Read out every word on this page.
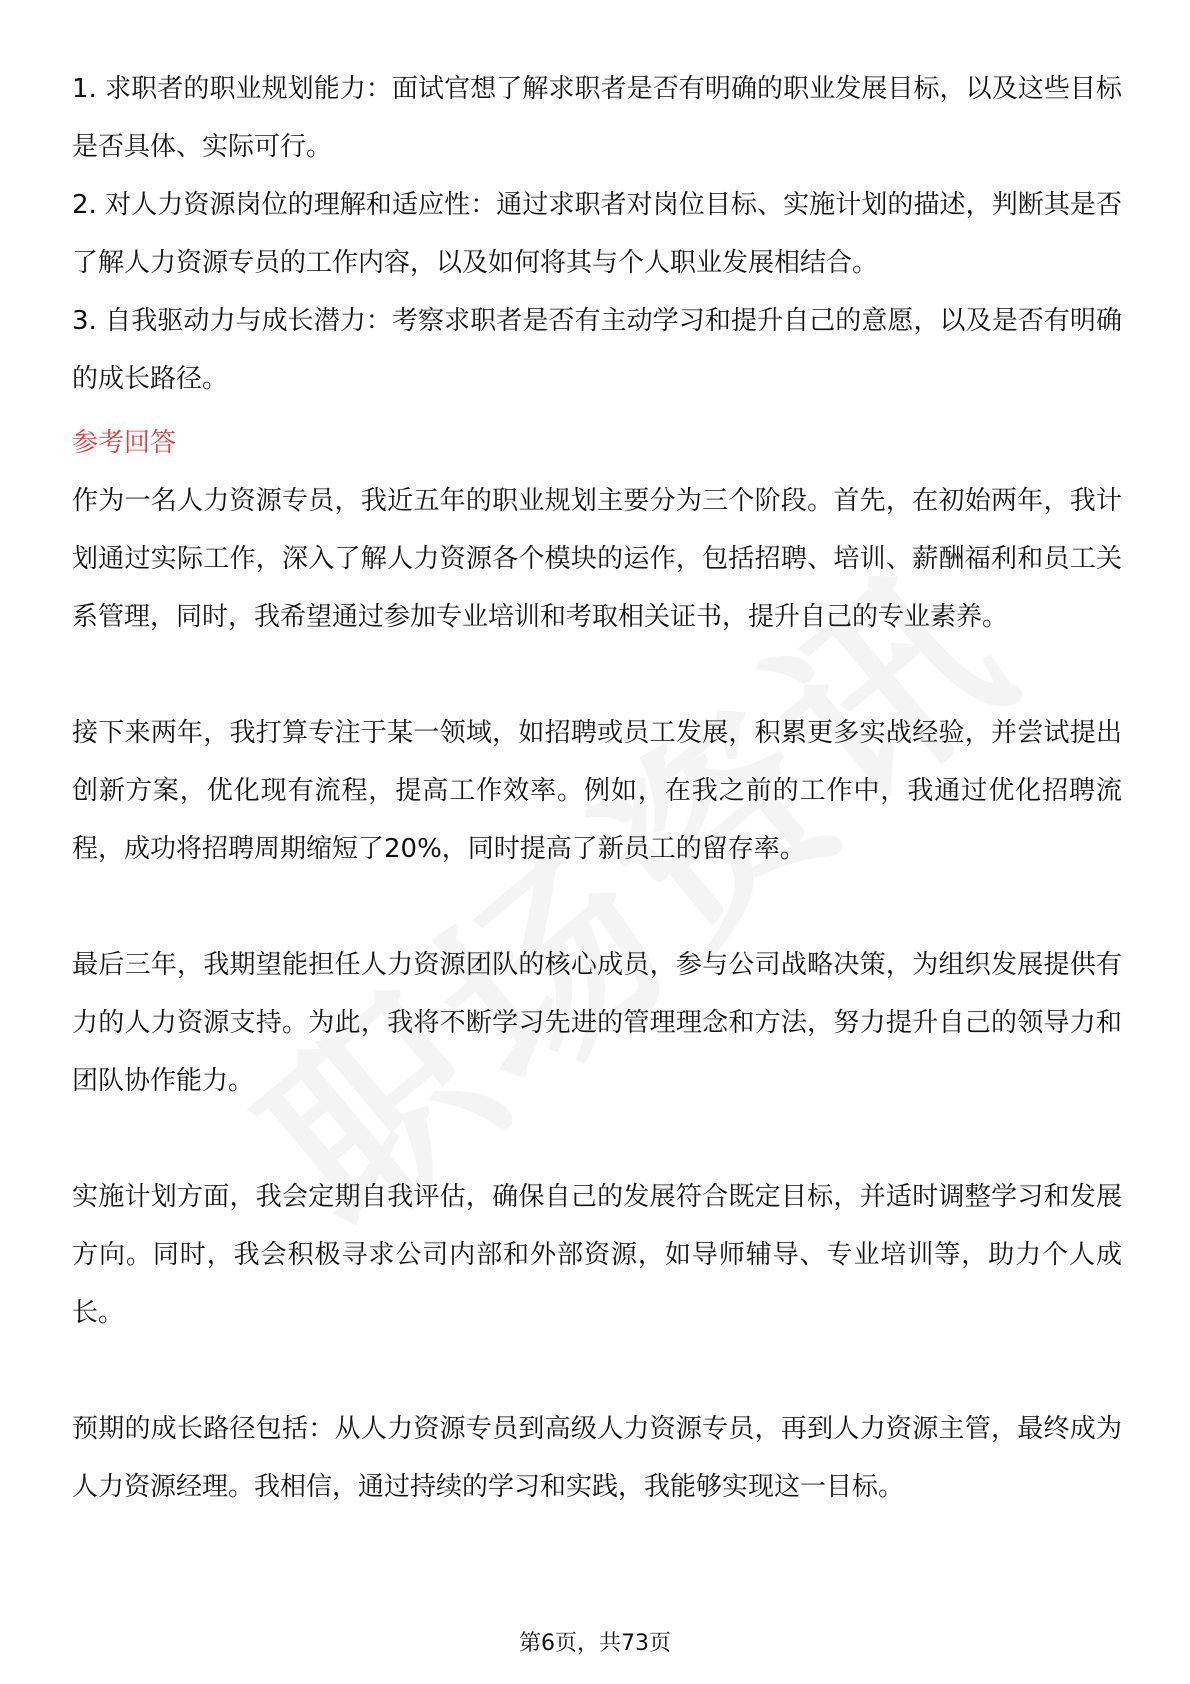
1. 求职者的职业规划能力：面试官想了解求职者是否有明确的职业发展目标，以及这些目标是否具体、实际可行。

2. 对人力资源岗位的理解和适应性：通过求职者对岗位目标、实施计划的描述，判断其是否了解人力资源专员的工作内容，以及如何将其与个人职业发展相结合。

3. 自我驱动力与成长潜力：考察求职者是否有主动学习和提升自己的意愿，以及是否有明确的成长路径。

参考回答

作为一名人力资源专员，我近五年的职业规划主要分为三个阶段。首先，在初始两年，我计划通过实际工作，深入了解人力资源各个模块的运作，包括招聘、培训、薪酬福利和员工关系管理，同时，我希望通过参加专业培训和考取相关证书，提升自己的专业素养。

接下来两年，我打算专注于某一领域，如招聘或员工发展，积累更多实战经验，并尝试提出创新方案，优化现有流程，提高工作效率。例如，在我之前的工作中，我通过优化招聘流程，成功将招聘周期缩短了20%，同时提高了新员工的留存率。

最后三年，我期望能担任人力资源团队的核心成员，参与公司战略决策，为组织发展提供有力的人力资源支持。为此，我将不断学习先进的管理理念和方法，努力提升自己的领导力和团队协作能力。

实施计划方面，我会定期自我评估，确保自己的发展符合既定目标，并适时调整学习和发展方向。同时，我会积极寻求公司内部和外部资源，如导师辅导、专业培训等，助力个人成长。

预期的成长路径包括：从人力资源专员到高级人力资源专员，再到人力资源主管，最终成为人力资源经理。我相信，通过持续的学习和实践，我能够实现这一目标。

第6页，共73页
